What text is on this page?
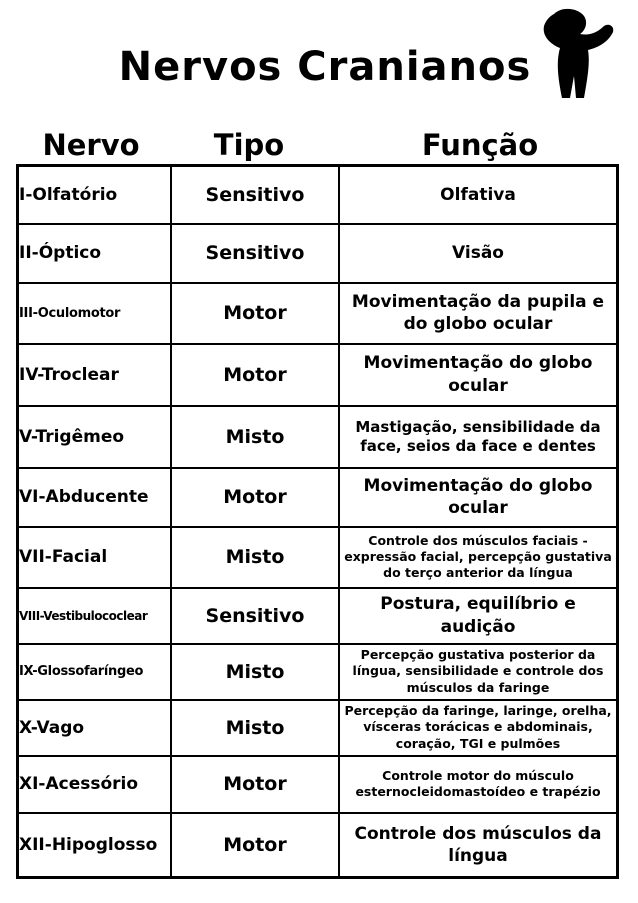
Nervos Cranianos
Nervo	Tipo	Função
I-Olfatório	Sensitivo	Olfativa
II-Óptico	Sensitivo	Visão
III-Oculomotor	Motor	Movimentação da pupila e do globo ocular
IV-Troclear	Motor	Movimentação do globo ocular
V-Trigêmeo	Misto	Mastigação, sensibilidade da face, seios da face e dentes
VI-Abducente	Motor	Movimentação do globo ocular
VII-Facial	Misto	Controle dos músculos faciais - expressão facial, percepção gustativa do terço anterior da língua
VIII-Vestibulococlear	Sensitivo	Postura, equilíbrio e audição
IX-Glossofaríngeo	Misto	Percepção gustativa posterior da língua, sensibilidade e controle dos músculos da faringe
X-Vago	Misto	Percepção da faringe, laringe, orelha, vísceras torácicas e abdominais, coração, TGI e pulmões
XI-Acessório	Motor	Controle motor do músculo esternocleidomastoídeo e trapézio
XII-Hipoglosso	Motor	Controle dos músculos da língua
